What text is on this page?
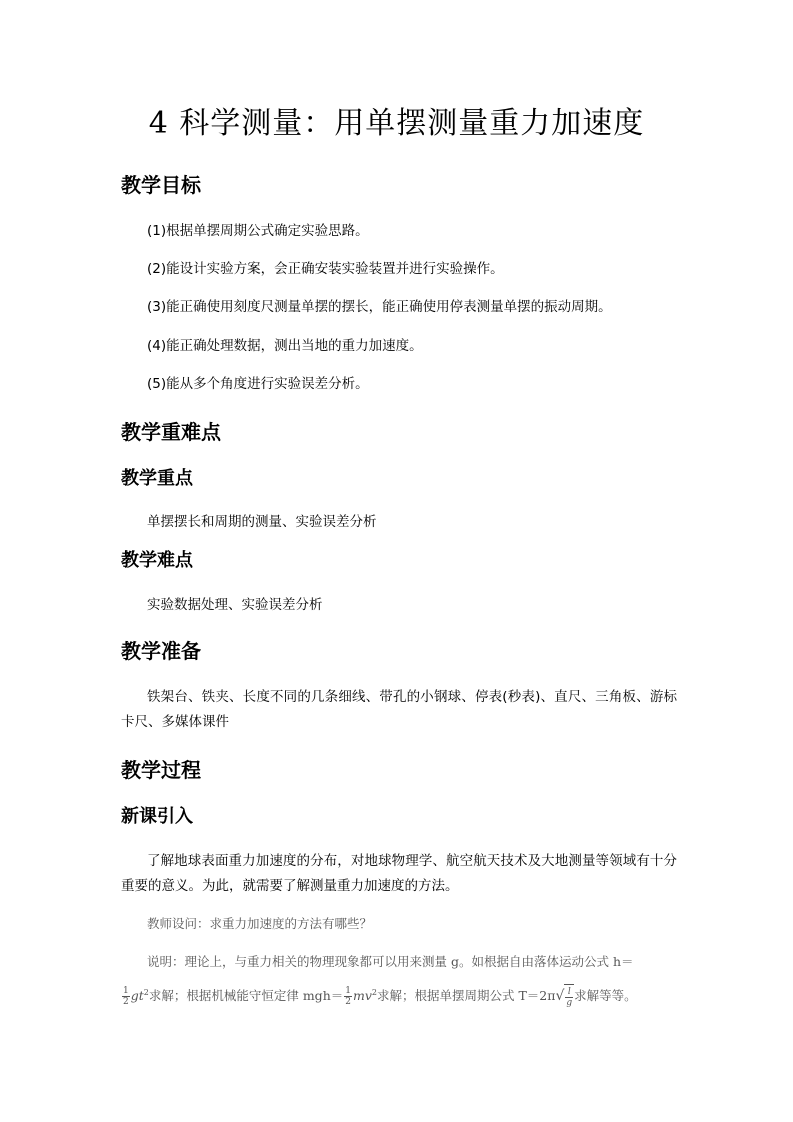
4 科学测量：用单摆测量重力加速度
教学目标
(1)根据单摆周期公式确定实验思路。
(2)能设计实验方案，会正确安装实验装置并进行实验操作。
(3)能正确使用刻度尺测量单摆的摆长，能正确使用停表测量单摆的振动周期。
(4)能正确处理数据，测出当地的重力加速度。
(5)能从多个角度进行实验误差分析。
教学重难点
教学重点
单摆摆长和周期的测量、实验误差分析
教学难点
实验数据处理、实验误差分析
教学准备
铁架台、铁夹、长度不同的几条细线、带孔的小钢球、停表(秒表)、直尺、三角板、游标卡尺、多媒体课件
教学过程
新课引入
了解地球表面重力加速度的分布，对地球物理学、航空航天技术及大地测量等领域有十分重要的意义。为此，就需要了解测量重力加速度的方法。
教师设问：求重力加速度的方法有哪些？
说明：理论上，与重力相关的物理现象都可以用来测量 g。如根据自由落体运动公式 h＝
$\frac{1}{2} gt^2$求解；根据机械能守恒定律 $mgh= \frac{1}{2} mv^2$求解；根据单摆周期公式 $T=2\pi√ \frac{l}{g}$ 求解等等。
